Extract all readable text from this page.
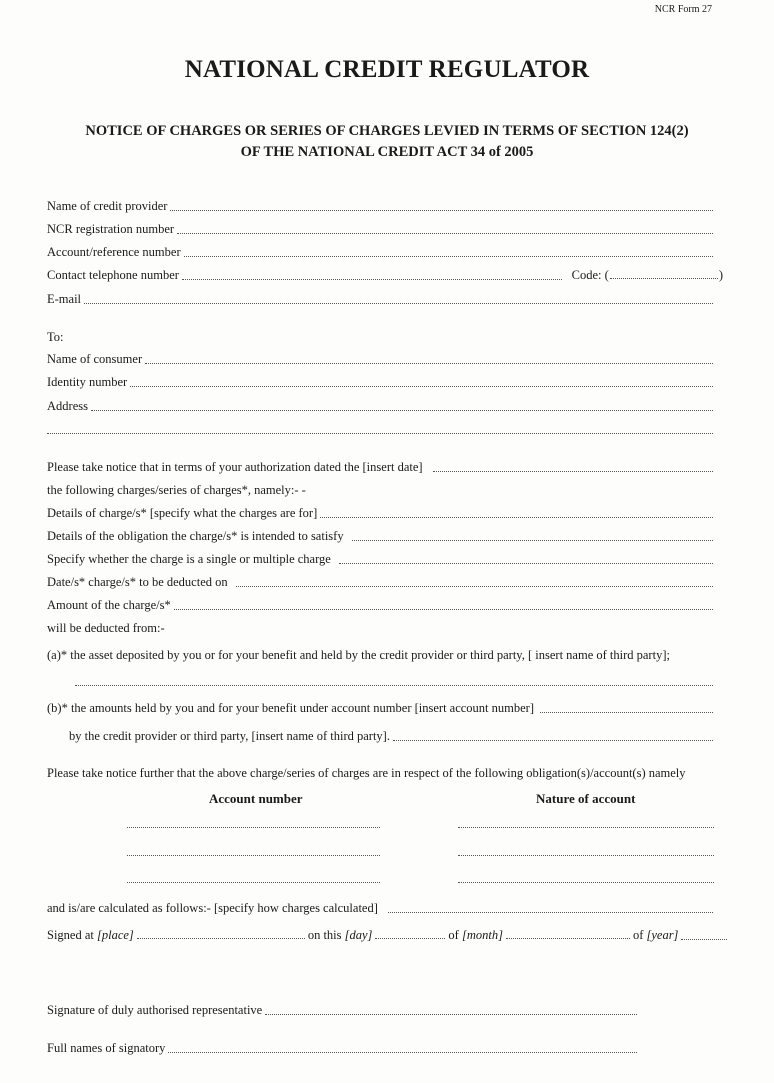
NCR Form 27
NATIONAL CREDIT REGULATOR
NOTICE OF CHARGES OR SERIES OF CHARGES LEVIED IN TERMS OF SECTION 124(2)
OF THE NATIONAL CREDIT ACT 34 of 2005
Name of credit provider
NCR registration number
Account/reference number
Contact telephone number	Code: (	)
E-mail
To:
Name of consumer
Identity number
Address
Please take notice that in terms of your authorization dated the [insert date]
the following charges/series of charges*, namely:- -
Details of charge/s* [specify what the charges are for]
Details of the obligation the charge/s* is intended to satisfy
Specify whether the charge is a single or multiple charge
Date/s* charge/s* to be deducted on
Amount of the charge/s*
will be deducted from:-
(a)* the asset deposited by you or for your benefit and held by the credit provider or third party, [ insert name of third party];
(b)* the amounts held by you and for your benefit under account number [insert account number]
by the credit provider or third party, [insert name of third party].
Please take notice further that the above charge/series of charges are in respect of the following obligation(s)/account(s) namely
Account number	Nature of account
and is/are calculated as follows:- [specify how charges calculated]
Signed at
[place]	on this
[day]	of
[month]	of
[year]
Signature of duly authorised representative
Full names of signatory
